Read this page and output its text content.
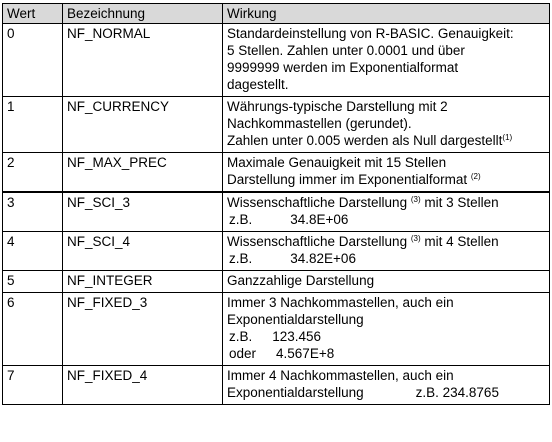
Wert	Bezeichnung	Wirkung
0	NF_NORMAL	Standardeinstellung von R-BASIC. Genauigkeit:
5 Stellen. Zahlen unter 0.0001 und über
9999999 werden im Exponentialformat
dagestellt.

1	NF_CURRENCY	Währungs-typische Darstellung mit 2
Nachkommastellen (gerundet).
Zahlen unter 0.005 werden als Null dargestellt$^{(1)}$

2	NF_MAX_PREC	Maximale Genauigkeit mit 15 Stellen
Darstellung immer im Exponentialformat $^{(2)}$

3	NF_SCI_3	Wissenschaftliche Darstellung $^{(3)}$ mit 3 Stellen
z.B. 34.8E+06

4	NF_SCI_4	Wissenschaftliche Darstellung $^{(3)}$ mit 4 Stellen
z.B. 34.82E+06

5	NF_INTEGER	Ganzzahlige Darstellung

6	NF_FIXED_3	Immer 3 Nachkommastellen, auch ein
Exponentialdarstellung
z.B. 123.456
oder 4.567E+8

7	NF_FIXED_4	Immer 4 Nachkommastellen, auch ein
Exponentialdarstellung z.B. 234.8765
